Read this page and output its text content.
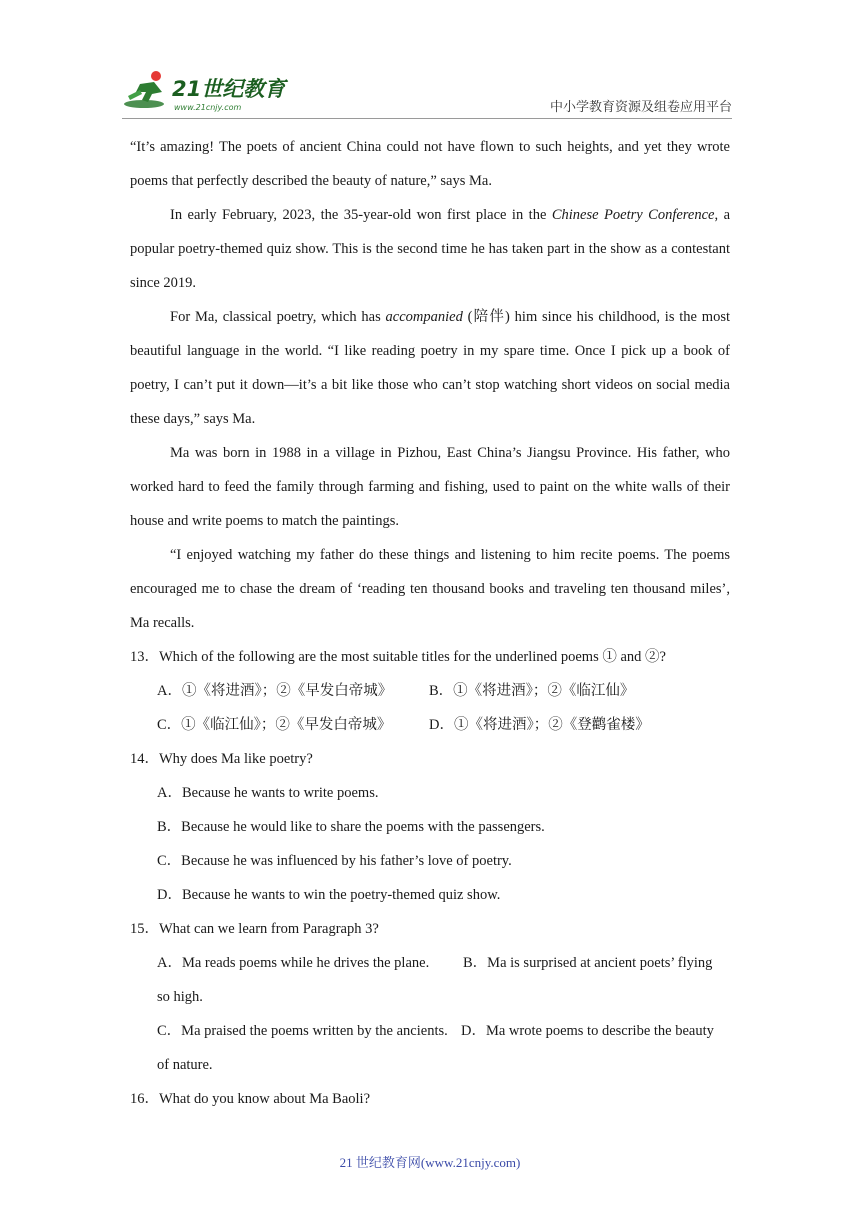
21世纪教育
www.21cnjy.com	中小学教育资源及组卷应用平台

“It’s amazing! The poets of ancient China could not have flown to such heights, and yet they wrote poems that perfectly described the beauty of nature,” says Ma.

In early February, 2023, the 35-year-old won first place in the Chinese Poetry Conference, a popular poetry-themed quiz show. This is the second time he has taken part in the show as a contestant since 2019.

For Ma, classical poetry, which has accompanied (陪伴) him since his childhood, is the most beautiful language in the world. “I like reading poetry in my spare time. Once I pick up a book of poetry, I can’t put it down—it’s a bit like those who can’t stop watching short videos on social media these days,” says Ma.

Ma was born in 1988 in a village in Pizhou, East China’s Jiangsu Province. His father, who worked hard to feed the family through farming and fishing, used to paint on the white walls of their house and write poems to match the paintings.

“I enjoyed watching my father do these things and listening to him recite poems. The poems encouraged me to chase the dream of ‘reading ten thousand books and traveling ten thousand miles’, Ma recalls.

13．Which of the following are the most suitable titles for the underlined poems ① and ②?

A．①《将进酒》；②《早发白帝城》	B．①《将进酒》；②《临江仙》
C．①《临江仙》；②《早发白帝城》	D．①《将进酒》；②《登鹳雀楼》

14．Why does Ma like poetry?

A．Because he wants to write poems.

B．Because he would like to share the poems with the passengers.

C．Because he was influenced by his father’s love of poetry.

D．Because he wants to win the poetry-themed quiz show.

15．What can we learn from Paragraph 3?

A．Ma reads poems while he drives the plane.	B．Ma is surprised at ancient poets’ flying

so high.

C．Ma praised the poems written by the ancients. D．Ma wrote poems to describe the beauty

of nature.

16．What do you know about Ma Baoli?

21 世纪教育网(www.21cnjy.com)
